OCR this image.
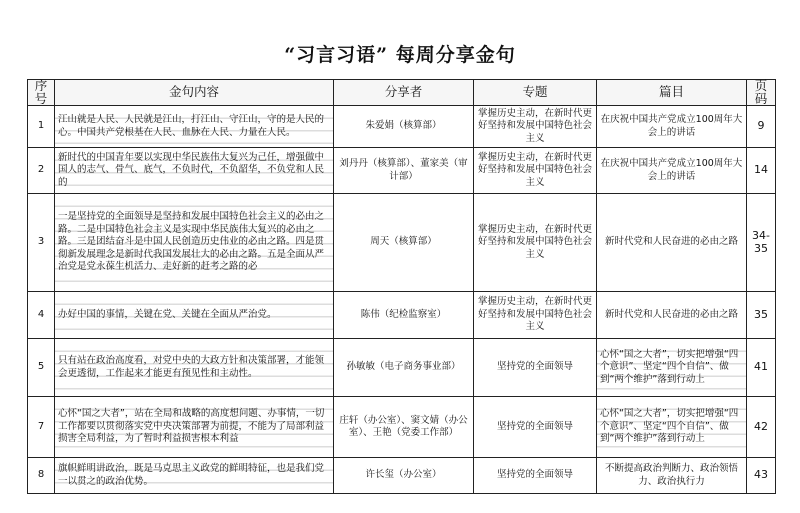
“习言习语” 每周分享金句
序号	金句内容	分享者	专题	篇目	页码
1	江山就是人民、人民就是江山，打江山、守江山，守的是人民的心。中国共产党根基在人民、血脉在人民、力量在人民。	朱爱娟（核算部）	掌握历史主动，在新时代更好坚持和发展中国特色社会主义	在庆祝中国共产党成立100周年大会上的讲话	9
2	新时代的中国青年要以实现中华民族伟大复兴为己任，增强做中国人的志气、骨气、底气，不负时代，不负韶华，不负党和人民的	刘丹丹（核算部）、董家美（审计部）	掌握历史主动，在新时代更好坚持和发展中国特色社会主义	在庆祝中国共产党成立100周年大会上的讲话	14
3	一是坚持党的全面领导是坚持和发展中国特色社会主义的必由之路。二是中国特色社会主义是实现中华民族伟大复兴的必由之路。三是团结奋斗是中国人民创造历史伟业的必由之路。四是贯彻新发展理念是新时代我国发展壮大的必由之路。五是全面从严治党是党永葆生机活力、走好新的赶考之路的必	周天（核算部）	掌握历史主动，在新时代更好坚持和发展中国特色社会主义	新时代党和人民奋进的必由之路	34-35
4	办好中国的事情，关键在党、关键在全面从严治党。	陈伟（纪检监察室）	掌握历史主动，在新时代更好坚持和发展中国特色社会主义	新时代党和人民奋进的必由之路	35
5	只有站在政治高度看，对党中央的大政方针和决策部署，才能领会更透彻，工作起来才能更有预见性和主动性。	孙敏敏（电子商务事业部）	坚持党的全面领导	心怀“国之大者”，切实把增强“四个意识”、坚定“四个自信”、做到“两个维护”落到行动上	41
7	心怀“国之大者”，站在全局和战略的高度想问题、办事情，一切工作都要以贯彻落实党中央决策部署为前提，不能为了局部利益损害全局利益，为了暂时利益损害根本利益	庄轩（办公室）、窦文婧（办公室）、王艳（党委工作部）	坚持党的全面领导	心怀“国之大者”，切实把增强“四个意识”、坚定“四个自信”、做到“两个维护”落到行动上	42
8	旗帜鲜明讲政治，既是马克思主义政党的鲜明特征，也是我们党一以贯之的政治优势。	许长玺（办公室）	坚持党的全面领导	不断提高政治判断力、政治领悟力、政治执行力	43
